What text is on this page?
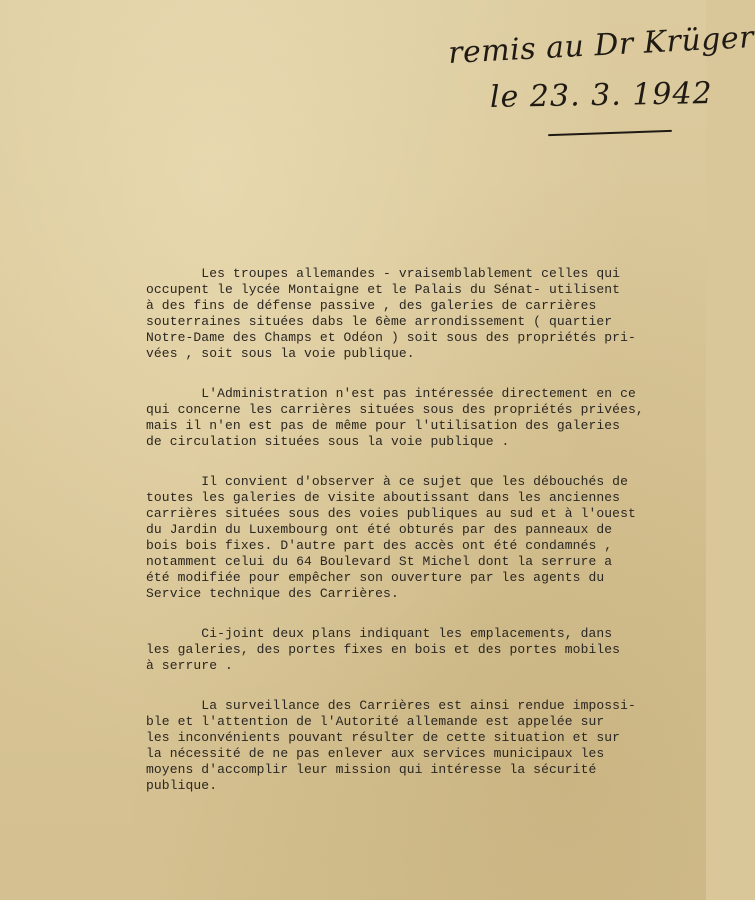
remis au Dr Krüger
le 23. 3. 1942
Les troupes allemandes - vraisemblablement celles qui
occupent le lycée Montaigne et le Palais du Sénat- utilisent
à des fins de défense passive , des galeries de carrières
souterraines situées dabs le 6ème arrondissement ( quartier
Notre-Dame des Champs et Odéon ) soit sous des propriétés pri-
vées , soit sous la voie publique.
L'Administration n'est pas intéressée directement en ce
qui concerne les carrières situées sous des propriétés privées,
mais il n'en est pas de même pour l'utilisation des galeries
de circulation situées sous la voie publique .
Il convient d'observer à ce sujet que les débouchés de
toutes les galeries de visite aboutissant dans les anciennes
carrières situées sous des voies publiques au sud et à l'ouest
du Jardin du Luxembourg ont été obturés par des panneaux de
bois bois fixes. D'autre part des accès ont été condamnés ,
notamment celui du 64 Boulevard St Michel dont la serrure a
été modifiée pour empêcher son ouverture par les agents du
Service technique des Carrières.
Ci-joint deux plans indiquant les emplacements, dans
les galeries, des portes fixes en bois et des portes mobiles
à serrure .
La surveillance des Carrières est ainsi rendue impossi-
ble et l'attention de l'Autorité allemande est appelée sur
les inconvénients pouvant résulter de cette situation et sur
la nécessité de ne pas enlever aux services municipaux les
moyens d'accomplir leur mission qui intéresse la sécurité
publique.
